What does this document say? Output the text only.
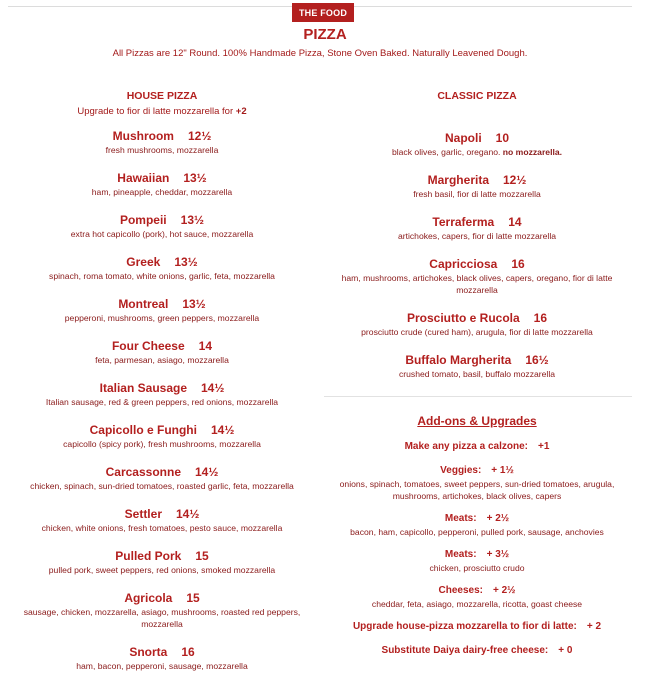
THE FOOD
PIZZA
All Pizzas are 12" Round. 100% Handmade Pizza, Stone Oven Baked. Naturally Leavened Dough.
HOUSE PIZZA
Upgrade to fior di latte mozzarella for +2
Mushroom 12½
fresh mushrooms, mozzarella
Hawaiian 13½
ham, pineapple, cheddar, mozzarella
Pompeii 13½
extra hot capicollo (pork), hot sauce, mozzarella
Greek 13½
spinach, roma tomato, white onions, garlic, feta, mozzarella
Montreal 13½
pepperoni, mushrooms, green peppers, mozzarella
Four Cheese 14
feta, parmesan, asiago, mozzarella
Italian Sausage 14½
Italian sausage, red & green peppers, red onions, mozzarella
Capicollo e Funghi 14½
capicollo (spicy pork), fresh mushrooms, mozzarella
Carcassonne 14½
chicken, spinach, sun-dried tomatoes, roasted garlic, feta, mozzarella
Settler 14½
chicken, white onions, fresh tomatoes, pesto sauce, mozzarella
Pulled Pork 15
pulled pork, sweet peppers, red onions, smoked mozzarella
Agricola 15
sausage, chicken, mozzarella, asiago, mushrooms, roasted red peppers, mozzarella
Snorta 16
ham, bacon, pepperoni, sausage, mozzarella
CLASSIC PIZZA
Napoli 10
black olives, garlic, oregano. no mozzarella.
Margherita 12½
fresh basil, fior di latte mozzarella
Terraferma 14
artichokes, capers, fior di latte mozzarella
Capricciosa 16
ham, mushrooms, artichokes, black olives, capers, oregano, fior di latte mozzarella
Prosciutto e Rucola 16
prosciutto crude (cured ham), arugula, fior di latte mozzarella
Buffalo Margherita 16½
crushed tomato, basil, buffalo mozzarella
Add-ons & Upgrades
Make any pizza a calzone: +1
Veggies: + 1½
onions, spinach, tomatoes, sweet peppers, sun-dried tomatoes, arugula, mushrooms, artichokes, black olives, capers
Meats: + 2½
bacon, ham, capicollo, pepperoni, pulled pork, sausage, anchovies
Meats: + 3½
chicken, prosciutto crudo
Cheeses: + 2½
cheddar, feta, asiago, mozzarella, ricotta, goast cheese
Upgrade house-pizza mozzarella to fior di latte: + 2
Substitute Daiya dairy-free cheese: + 0
